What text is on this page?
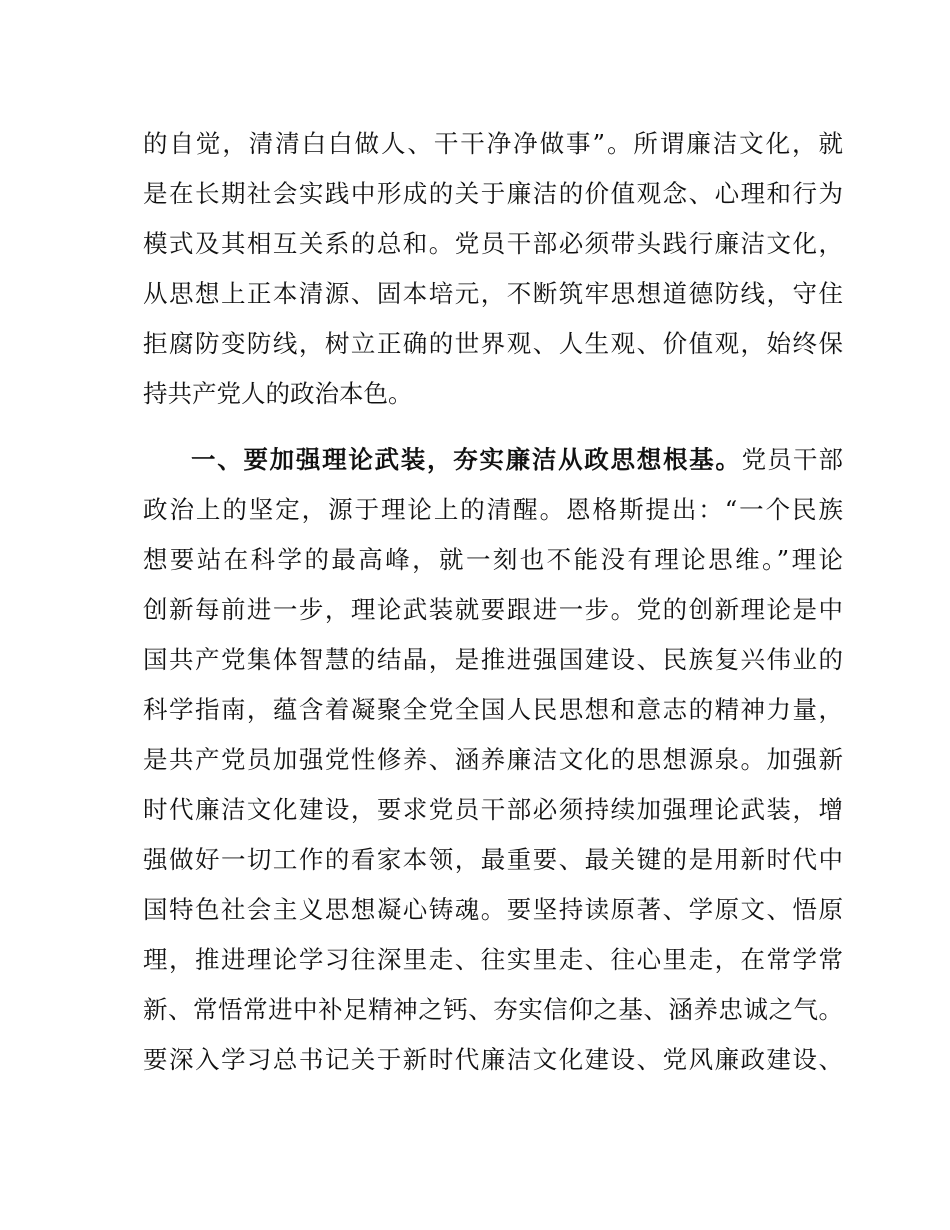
的自觉，清清白白做人、干干净净做事”。所谓廉洁文化，就
是在长期社会实践中形成的关于廉洁的价值观念、心理和行为
模式及其相互关系的总和。党员干部必须带头践行廉洁文化，
从思想上正本清源、固本培元，不断筑牢思想道德防线，守住
拒腐防变防线，树立正确的世界观、人生观、价值观，始终保
持共产党人的政治本色。
一、要加强理论武装，夯实廉洁从政思想根基。党员干部
政治上的坚定，源于理论上的清醒。恩格斯提出：“一个民族
想要站在科学的最高峰，就一刻也不能没有理论思维。”理论
创新每前进一步，理论武装就要跟进一步。党的创新理论是中
国共产党集体智慧的结晶，是推进强国建设、民族复兴伟业的
科学指南，蕴含着凝聚全党全国人民思想和意志的精神力量，
是共产党员加强党性修养、涵养廉洁文化的思想源泉。加强新
时代廉洁文化建设，要求党员干部必须持续加强理论武装，增
强做好一切工作的看家本领，最重要、最关键的是用新时代中
国特色社会主义思想凝心铸魂。要坚持读原著、学原文、悟原
理，推进理论学习往深里走、往实里走、往心里走，在常学常
新、常悟常进中补足精神之钙、夯实信仰之基、涵养忠诚之气。
要深入学习总书记关于新时代廉洁文化建设、党风廉政建设、
